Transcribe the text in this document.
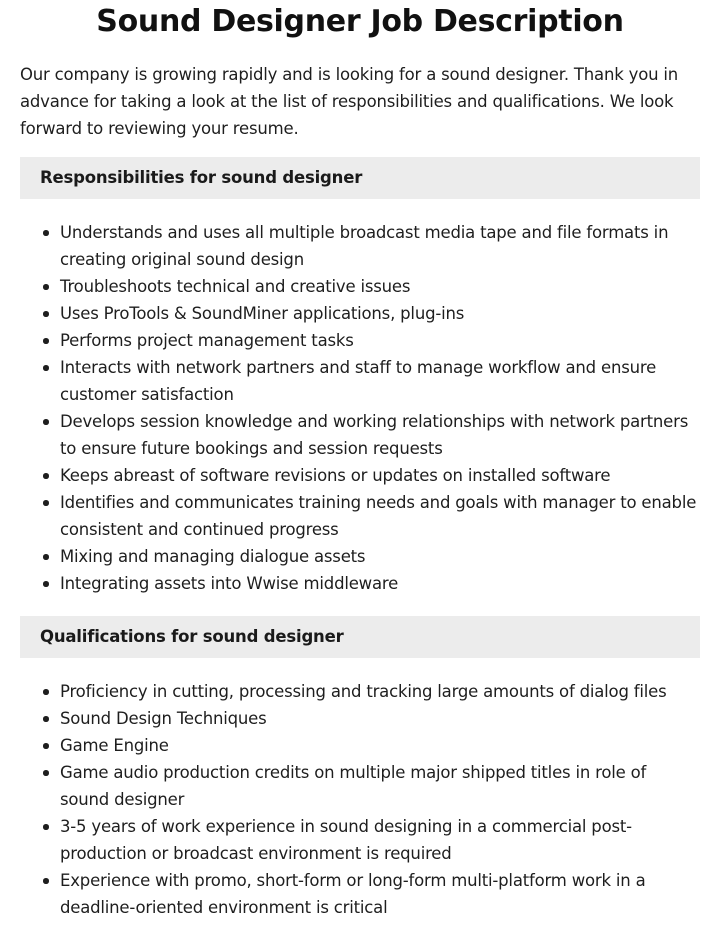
Sound Designer Job Description

Our company is growing rapidly and is looking for a sound designer. Thank you in advance for taking a look at the list of responsibilities and qualifications. We look forward to reviewing your resume.

Responsibilities for sound designer
Understands and uses all multiple broadcast media tape and file formats in creating original sound design
Troubleshoots technical and creative issues
Uses ProTools & SoundMiner applications, plug-ins
Performs project management tasks
Interacts with network partners and staff to manage workflow and ensure customer satisfaction
Develops session knowledge and working relationships with network partners to ensure future bookings and session requests
Keeps abreast of software revisions or updates on installed software
Identifies and communicates training needs and goals with manager to enable consistent and continued progress
Mixing and managing dialogue assets
Integrating assets into Wwise middleware
Qualifications for sound designer
Proficiency in cutting, processing and tracking large amounts of dialog files
Sound Design Techniques
Game Engine
Game audio production credits on multiple major shipped titles in role of sound designer
3-5 years of work experience in sound designing in a commercial post-production or broadcast environment is required
Experience with promo, short-form or long-form multi-platform work in a deadline-oriented environment is critical
